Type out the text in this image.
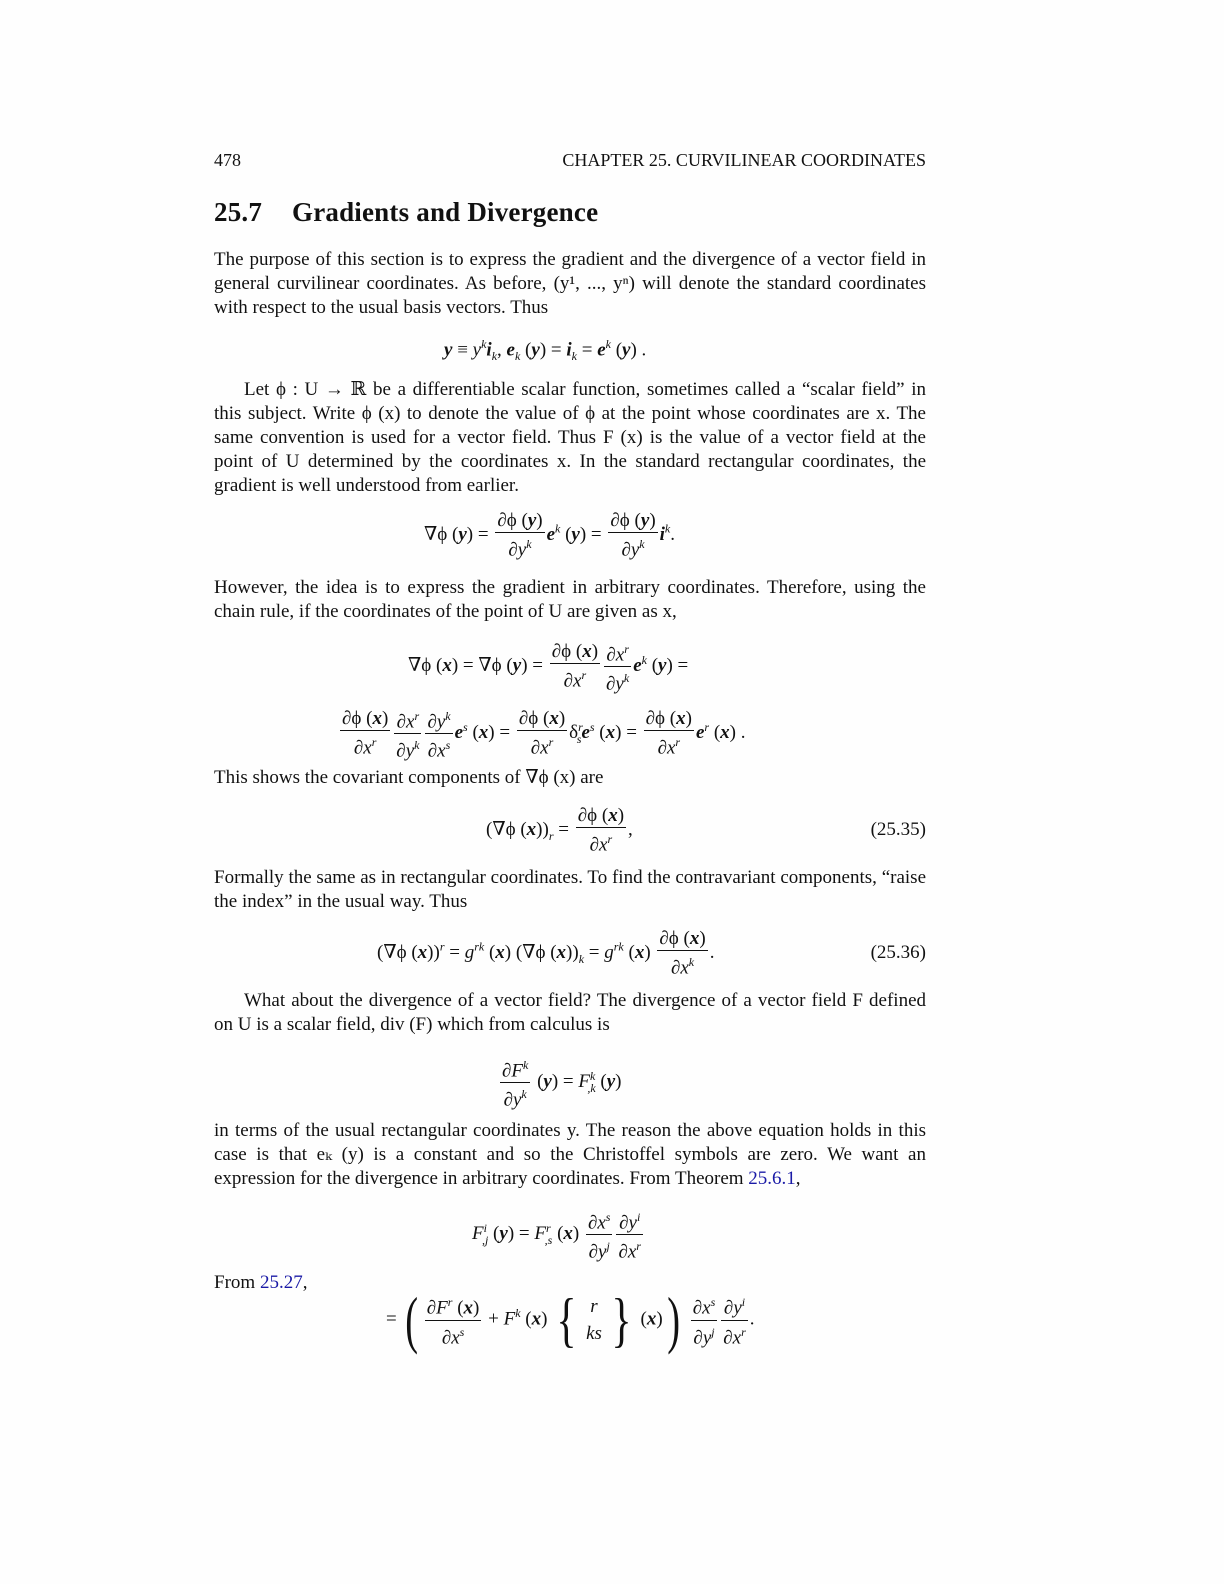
478	CHAPTER 25. CURVILINEAR COORDINATES
25.7 Gradients and Divergence
The purpose of this section is to express the gradient and the divergence of a vector field in general curvilinear coordinates. As before, (y¹, ..., yⁿ) will denote the standard coordinates with respect to the usual basis vectors. Thus
$y \equiv y^ki_k$, $e_k$ $(y) = i_k = e^k$ (y) .
Let ϕ : U → ℝ be a differentiable scalar function, sometimes called a “scalar field” in this subject. Write ϕ (x) to denote the value of ϕ at the point whose coordinates are x. The same convention is used for a vector field. Thus F (x) is the value of a vector field at the point of U determined by the coordinates x. In the standard rectangular coordinates, the gradient is well understood from earlier.
∇ϕ $(y) = \frac{\partial\phi (y)}{\partial y^k} e^k$ $(y) = \frac{\partial\phi (y)}{\partial y^k} i^k$.
However, the idea is to express the gradient in arbitrary coordinates. Therefore, using the chain rule, if the coordinates of the point of U are given as x,
∇ϕ (x) = ∇ϕ $(y) = \frac{\partial\phi (x)}{\partial x^r} \frac{\partial x^r}{\partial y^k} e^k$ (y) =
$\frac{\partial\phi (x)}{\partial x^r} \frac{\partial x^r}{\partial y^k} \frac{\partial y^k}{\partial x^s} e^s$ $(x) = \frac{\partial\phi (x)}{\partial x^r} \delta^r_se^s$ $(x) = \frac{\partial\phi (x)}{\partial x^r} e^r$ (x) .
This shows the covariant components of ∇ϕ (x) are
(∇ϕ $(x))_r = \frac{\partial\phi (x)}{\partial x^r}$ ,	(25.35)
Formally the same as in rectangular coordinates. To find the contravariant components, “raise the index” in the usual way. Thus
(∇ϕ $(x))^r = g^{rk}$ (x) (∇ϕ $(x))_k = g^{rk}$ $(x) \frac{\partial\phi (x)}{\partial x^k}$ .	(25.36)
What about the divergence of a vector field? The divergence of a vector field F defined on U is a scalar field, div (F) which from calculus is
$\frac{\partial F^k}{\partial y^k} (y) = F^k_{,k}$ (y)
in terms of the usual rectangular coordinates y. The reason the above equation holds in this case is that eₖ (y) is a constant and so the Christoffel symbols are zero. We want an expression for the divergence in arbitrary coordinates. From Theorem 25.6.1,
$F^i_{,j}$ $(y) = F^r_{,s}$ $(x) \frac{\partial x^s}{\partial y^j} \frac{\partial y^i}{\partial x^r}$
From 25.27,
= ( $\frac{\partial F^r (x)}{\partial x^s} + F^k$ (x) { r
ks } $(x)) \frac{\partial x^s}{\partial y^j} \frac{\partial y^i}{\partial x^r}$ .
